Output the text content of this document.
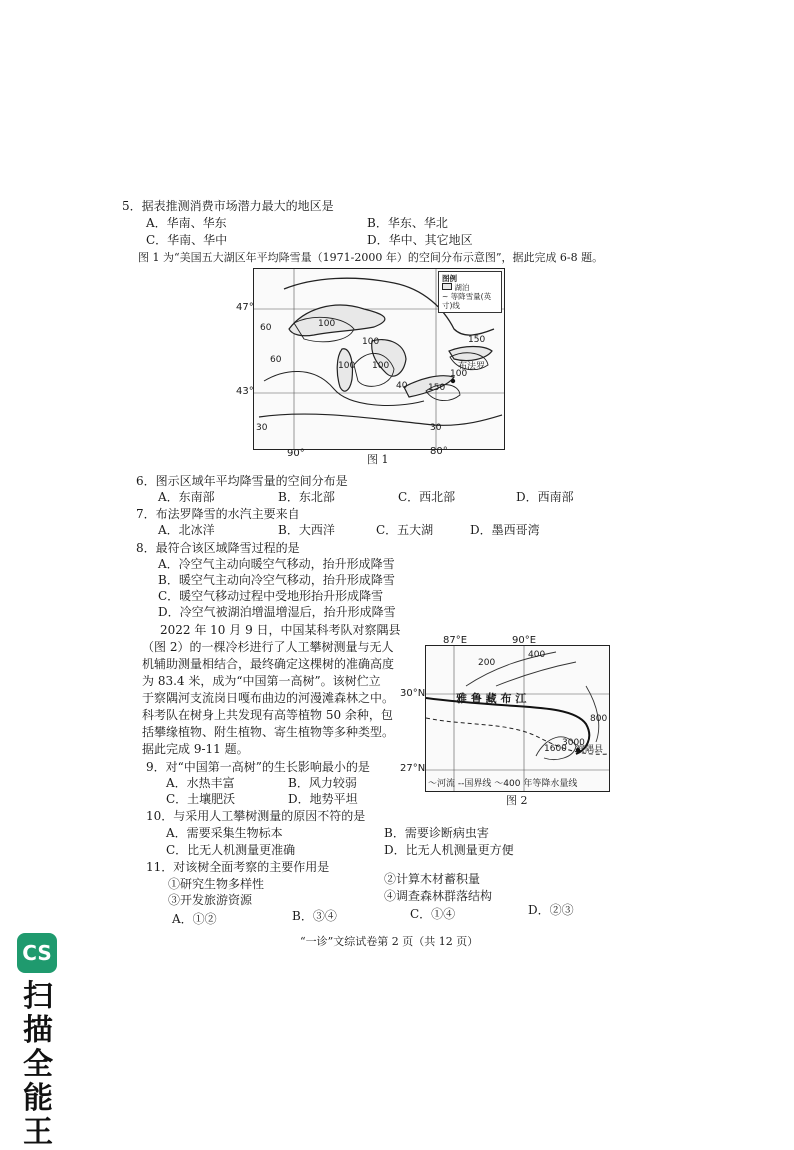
5．据表推测消费市场潜力最大的地区是
A．华南、华东	B．华东、华北
C．华南、华中	D．华中、其它地区
图 1 为“美国五大湖区年平均降雪量（1971-2000 年）的空间分布示意图”，据此完成 6-8 题。
60	100
100
100 100
60
40
30	30
150
100
150
布法罗
图例
湖泊
~ 等降雪量(英寸)线
47°
43°
90°	80°
图 1
6．图示区域年平均降雪量的空间分布是
A．东南部	B．东北部	C．西北部	D．西南部
7．布法罗降雪的水汽主要来自
A．北冰洋	B．大西洋	C．五大湖	D．墨西哥湾
8．最符合该区域降雪过程的是
A．冷空气主动向暖空气移动，抬升形成降雪
B．暖空气主动向冷空气移动，抬升形成降雪
C．暖空气移动过程中受地形抬升形成降雪
D．冷空气被湖泊增温增湿后，抬升形成降雪
2022 年 10 月 9 日，中国某科考队对察隅县
（图 2）的一棵冷杉进行了人工攀树测量与无人
机辅助测量相结合，最终确定这棵树的准确高度
为 83.4 米，成为“中国第一高树”。该树伫立
于察隅河支流岗日嘎布曲边的河漫滩森林之中。
科考队在树身上共发现有高等植物 50 余种，包
括攀缘植物、附生植物、寄生植物等多种类型。
据此完成 9-11 题。
200
400
800
1600
3000
雅 鲁 藏 布 江
察隅县
〜河流 ‐‐国界线 〜400 年等降水量线
87°E	90°E
30°N
27°N
图 2
9．对“中国第一高树”的生长影响最小的是
A．水热丰富	B．风力较弱
C．土壤肥沃	D．地势平坦
10．与采用人工攀树测量的原因不符的是
A．需要采集生物标本	B．需要诊断病虫害
C．比无人机测量更准确	D．比无人机测量更方便
11．对该树全面考察的主要作用是
①研究生物多样性	②计算木材蓄积量
③开发旅游资源	④调查森林群落结构
A．①②	B．③④	C．①④	D．②③
“一诊”文综试卷第 2 页（共 12 页）
CS
扫描全能王
